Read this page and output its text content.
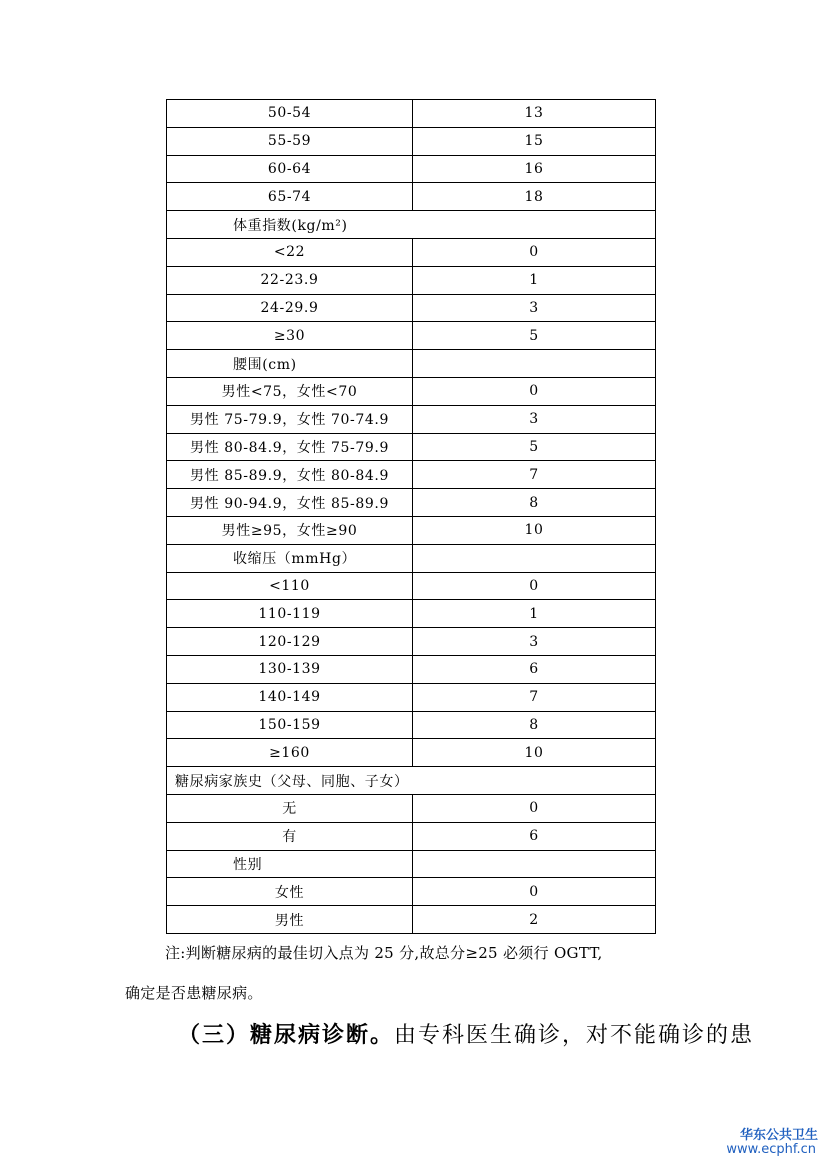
50-54	13
55-59	15
60-64	16
65-74	18
体重指数(kg/m²)	
<22	0
22-23.9	1
24-29.9	3
≥30	5
腰围(cm)	
男性<75，女性<70	0
男性 75-79.9，女性 70-74.9	3
男性 80-84.9，女性 75-79.9	5
男性 85-89.9，女性 80-84.9	7
男性 90-94.9，女性 85-89.9	8
男性≥95，女性≥90	10
收缩压（mmHg）	
<110	0
110-119	1
120-129	3
130-139	6
140-149	7
150-159	8
≥160	10
糖尿病家族史（父母、同胞、子女）	
无	0
有	6
性别	
女性	0
男性	2

注:判断糖尿病的最佳切入点为 25 分,故总分≥25 必须行 OGTT,

确定是否患糖尿病。

（三）糖尿病诊断。由专科医生确诊，对不能确诊的患

华东公共卫生
www.ecphf.cn
